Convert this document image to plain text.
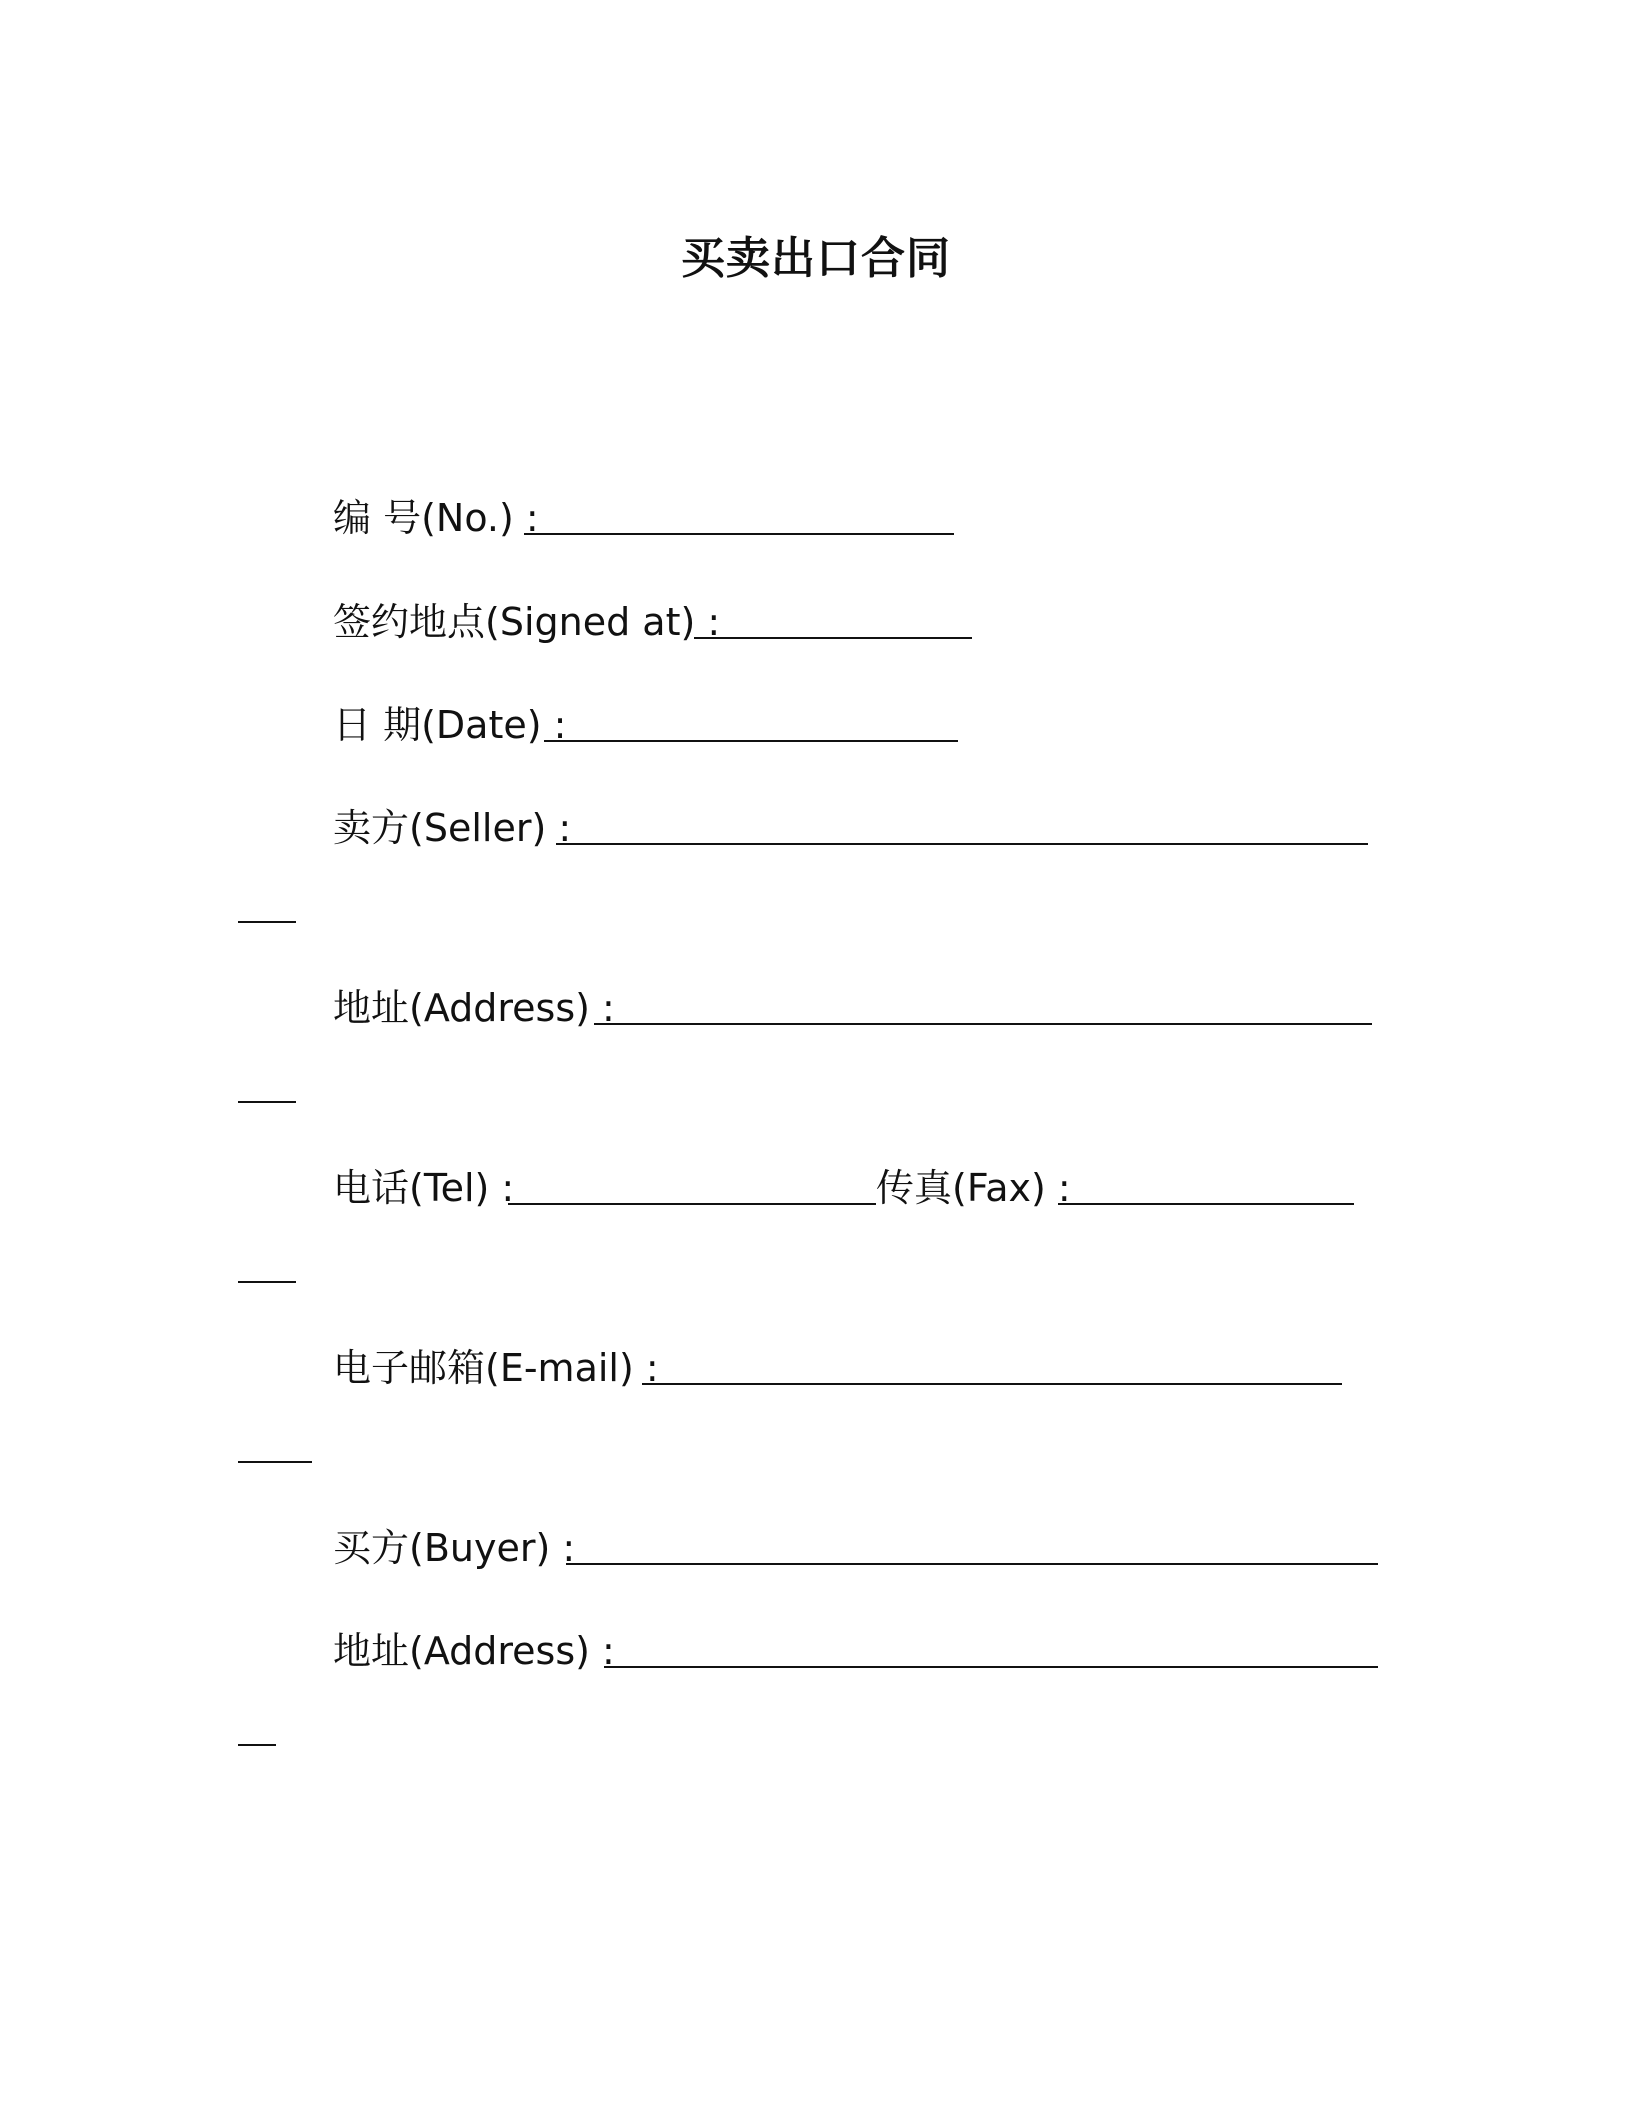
买卖出口合同
编 号(No.) :
签约地点(Signed at) :
日 期(Date) :
卖方(Seller) :
地址(Address) :
电话(Tel) :	传真(Fax) :
电子邮箱(E-mail) :
买方(Buyer) :
地址(Address) :
